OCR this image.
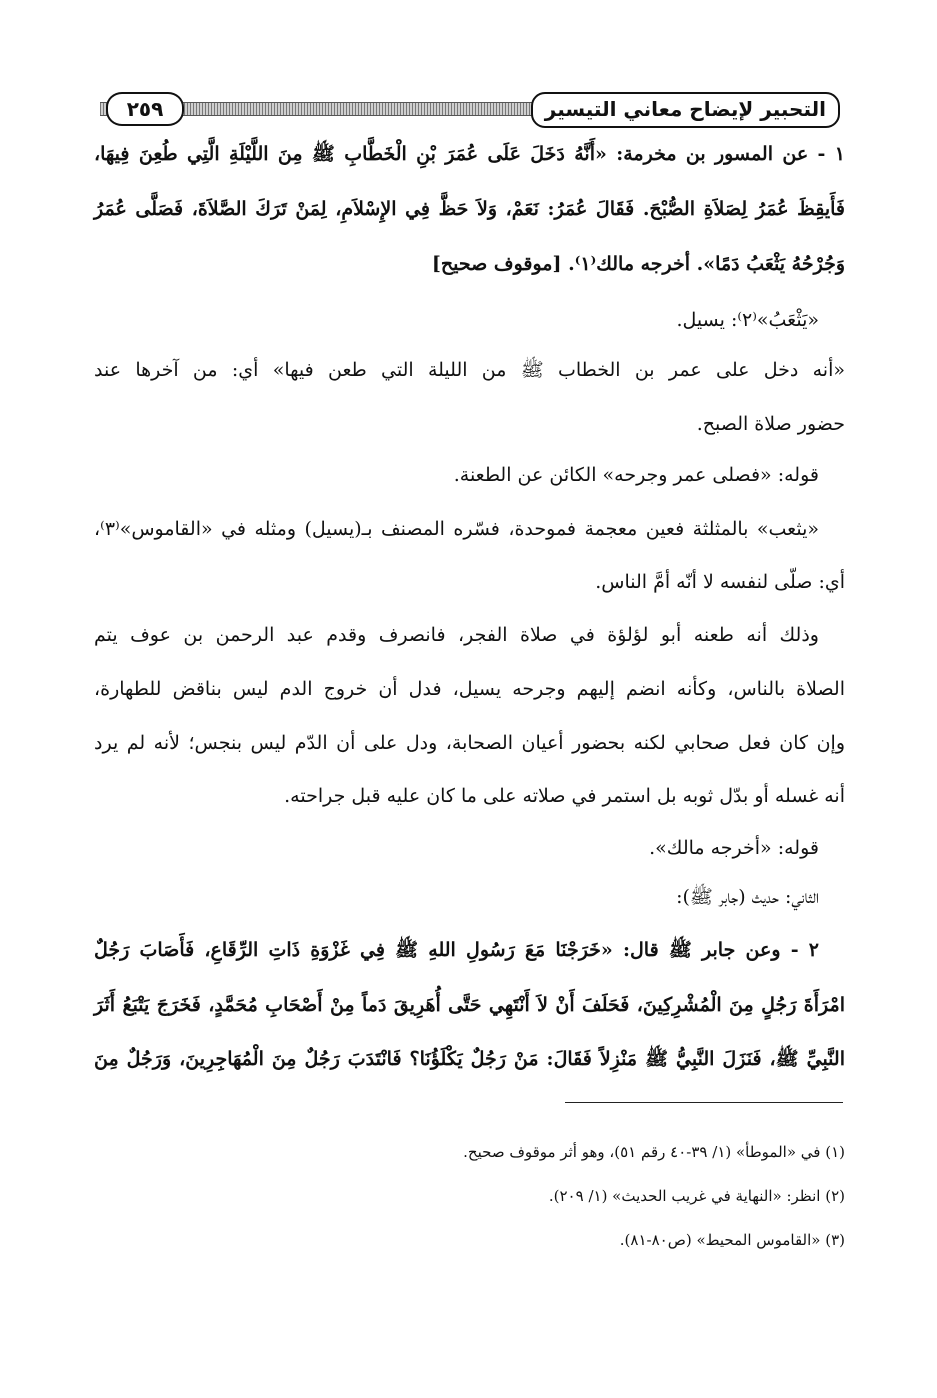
٢٥٩	التحبير لإيضاح معاني التيسير
١ - عن المسور بن مخرمة: «أَنَّهُ دَخَلَ عَلَى عُمَرَ بْنِ الْخَطَّابِ ﷺ مِنَ اللَّيْلَةِ الَّتِي طُعِنَ فِيهَا،
فَأَيقِظَ عُمَرُ لِصَلاَةِ الصُّبْحَ. فَقَالَ عُمَرُ: نَعَمْ، وَلاَ حَظَّ فِي الإِسْلاَمِ، لِمَنْ تَرَكَ الصَّلاَةَ، فَصَلَّى عُمَرُ
وَجُرْحُهُ يَثْعَبُ دَمًا». أخرجه مالك⁽١⁾. [موقوف صحيح]
«يَثْعَبُ»⁽٢⁾: يسيل.
«أنه دخل على عمر بن الخطاب ﷺ من الليلة التي طعن فيها» أي: من آخرها عند
حضور صلاة الصبح.
قوله: «فصلى عمر وجرحه» الكائن عن الطعنة.
«يثعب» بالمثلثة فعين معجمة فموحدة، فسّره المصنف بـ(يسيل) ومثله في «القاموس»⁽٣⁾،
أي: صلّى لنفسه لا أنّه أمَّ الناس.
وذلك أنه طعنه أبو لؤلؤة في صلاة الفجر، فانصرف وقدم عبد الرحمن بن عوف يتم
الصلاة بالناس، وكأنه انضم إليهم وجرحه يسيل، فدل أن خروج الدم ليس بناقض للطهارة،
وإن كان فعل صحابي لكنه بحضور أعيان الصحابة، ودل على أن الدّم ليس بنجس؛ لأنه لم يرد
أنه غسله أو بدّل ثوبه بل استمر في صلاته على ما كان عليه قبل جراحته.
قوله: «أخرجه مالك».
الثاني: حديث (جابر ﷺ):
٢ - وعن جابر ﷺ قال: «خَرَجْنَا مَعَ رَسُولِ اللهِ ﷺ فِي غَزْوَةِ ذَاتِ الرِّقَاعِ، فَأَصَابَ رَجُلٌ
امْرَأَةَ رَجُلٍ مِنَ الْمُشْرِكِينَ، فَحَلَفَ أَنْ لاَ أَنْتَهِي حَتَّى أُهَرِيقَ دَماً مِنْ أَصْحَابِ مُحَمَّدٍ، فَخَرَجَ يَتْبَعُ أَثَرَ
النَّبِيِّ ﷺ، فَنَزَلَ النَّبِيُّ ﷺ مَنْزِلاً فَقَالَ: مَنْ رَجُلٌ يَكْلَؤُنَا؟ فَانْتَدَبَ رَجُلٌ مِنَ الْمُهَاجِرِينَ، وَرَجُلٌ مِنَ
(١) في «الموطأ» (١/ ٣٩-٤٠ رقم ٥١)، وهو أثر موقوف صحيح.
(٢) انظر: «النهاية في غريب الحديث» (١/ ٢٠٩).
(٣) «القاموس المحيط» (ص٨٠-٨١).
